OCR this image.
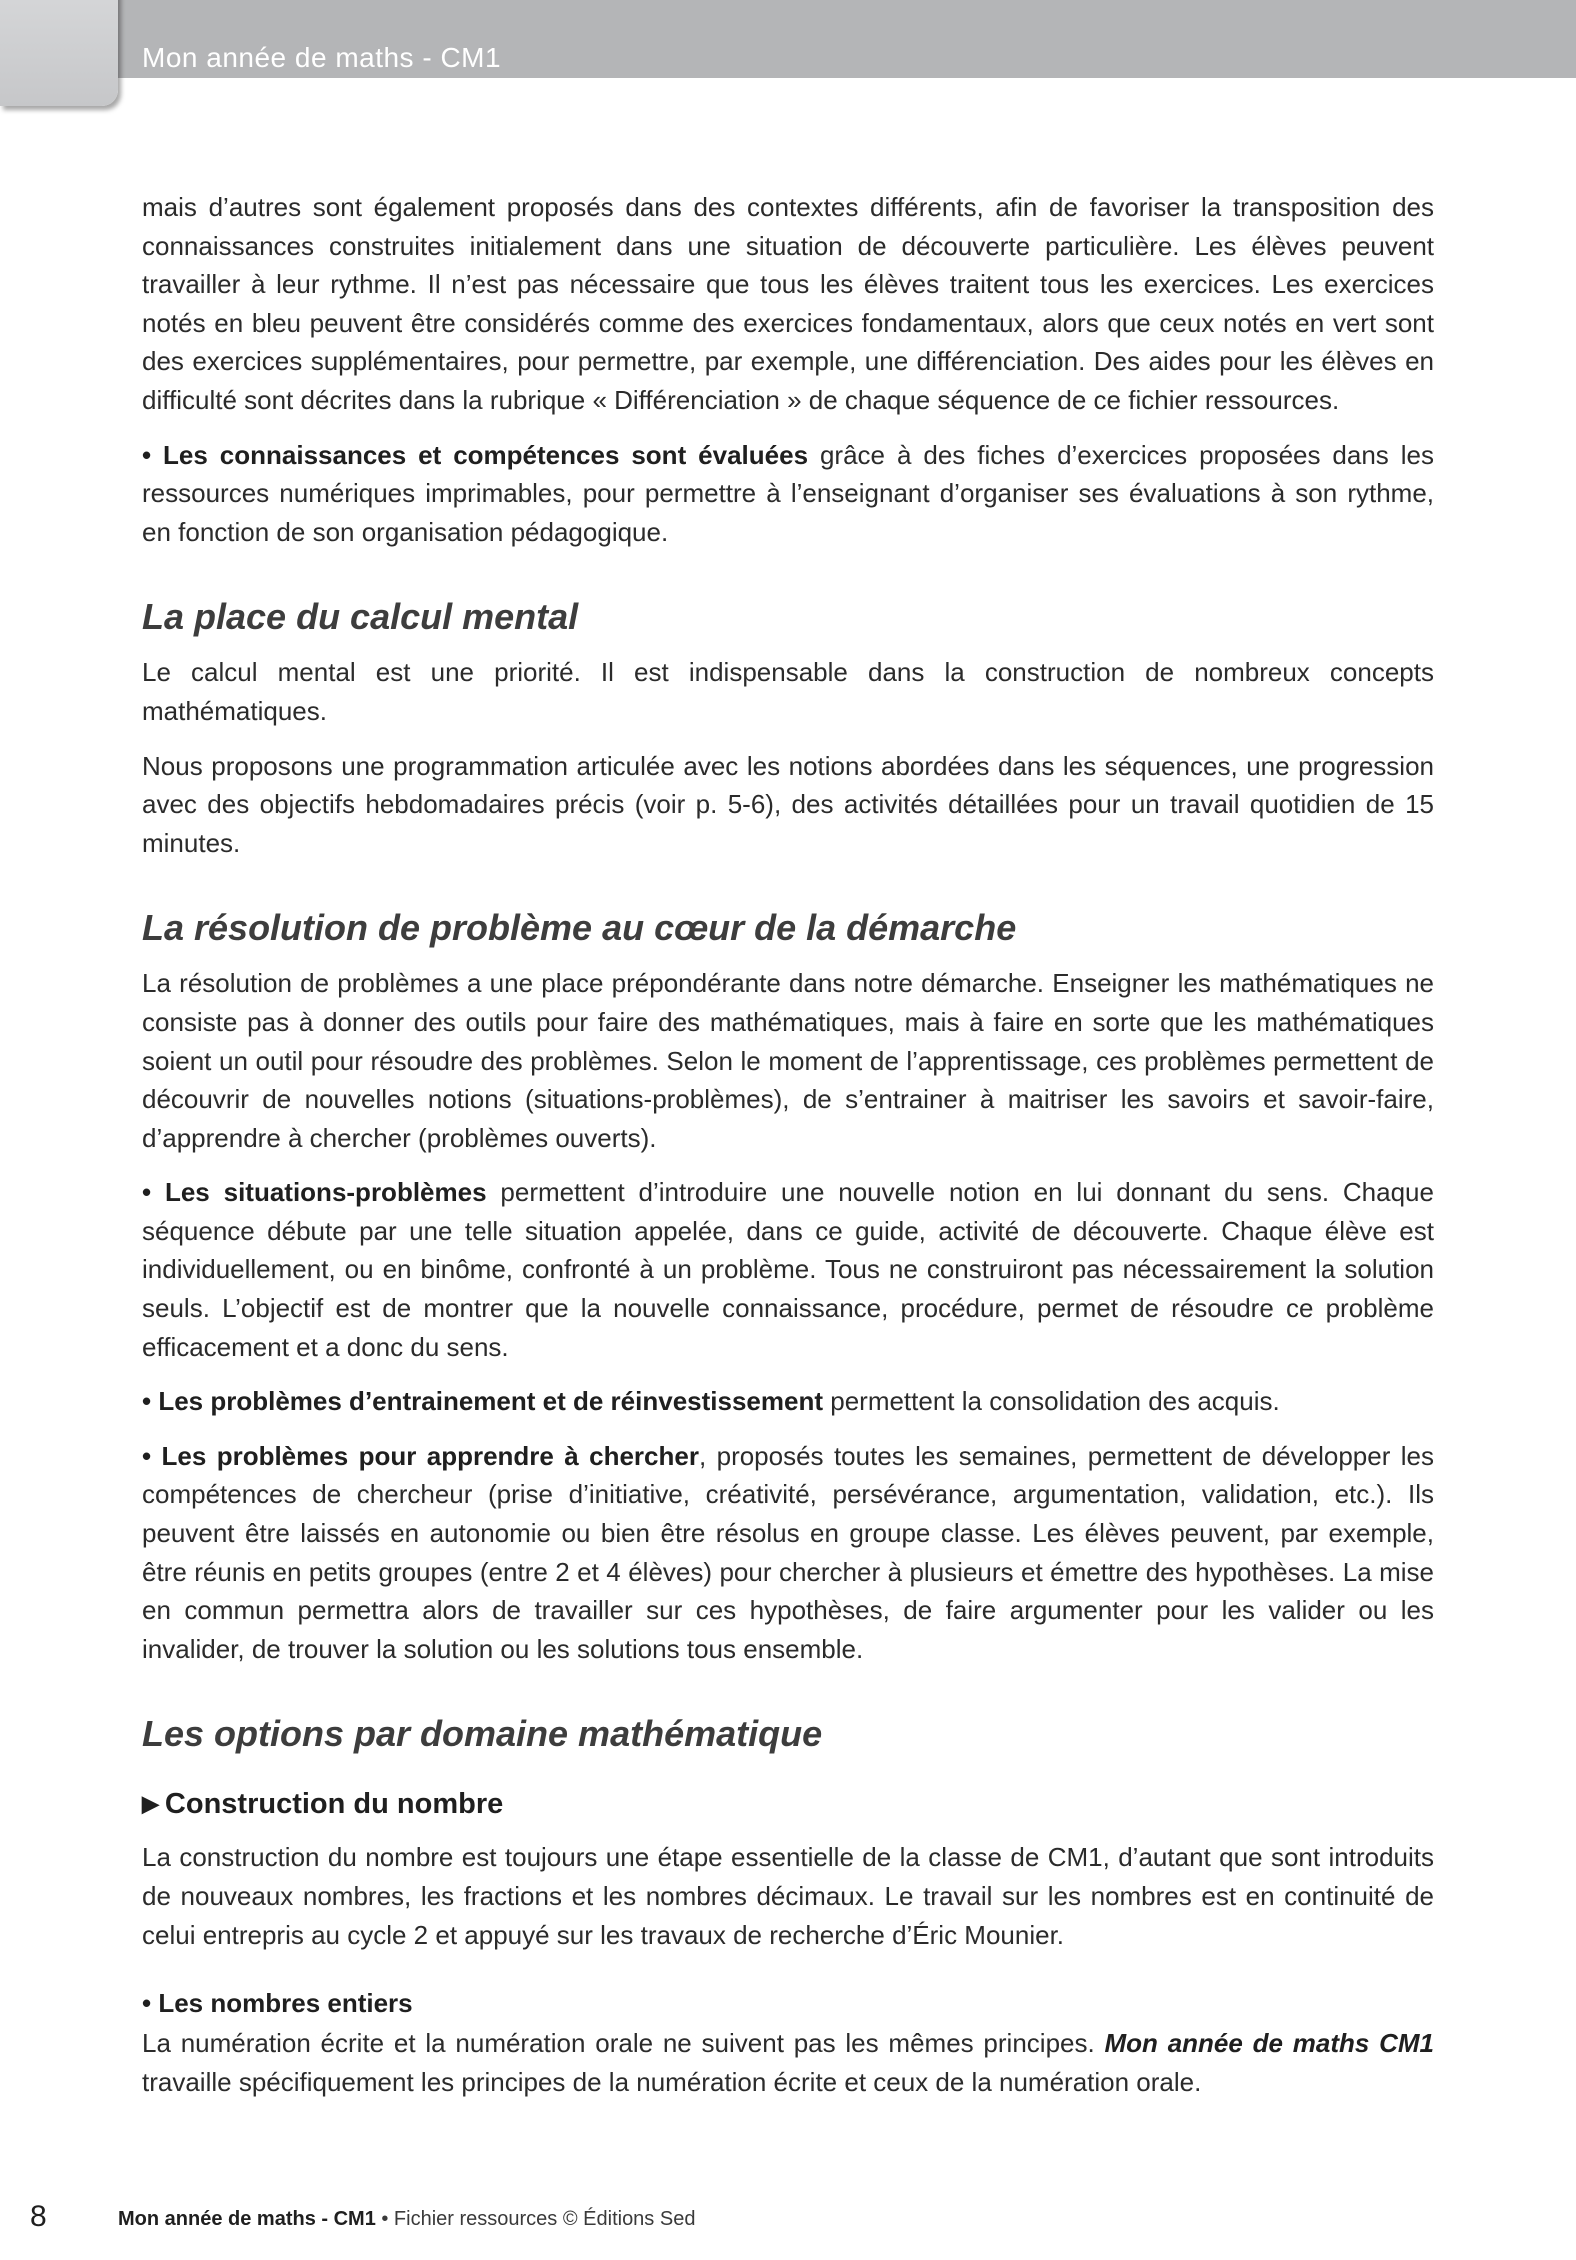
Mon année de maths - CM1

mais d’autres sont également proposés dans des contextes différents, afin de favoriser la transposition des connaissances construites initialement dans une situation de découverte particulière. Les élèves peuvent travailler à leur rythme. Il n’est pas nécessaire que tous les élèves traitent tous les exercices. Les exercices notés en bleu peuvent être considérés comme des exercices fondamentaux, alors que ceux notés en vert sont des exercices supplémentaires, pour permettre, par exemple, une différenciation. Des aides pour les élèves en difficulté sont décrites dans la rubrique « Différenciation » de chaque séquence de ce fichier ressources.

• Les connaissances et compétences sont évaluées grâce à des fiches d’exercices proposées dans les ressources numériques imprimables, pour permettre à l’enseignant d’organiser ses évaluations à son rythme, en fonction de son organisation pédagogique.

La place du calcul mental

Le calcul mental est une priorité. Il est indispensable dans la construction de nombreux concepts mathématiques.

Nous proposons une programmation articulée avec les notions abordées dans les séquences, une progression avec des objectifs hebdomadaires précis (voir p. 5-6), des activités détaillées pour un travail quotidien de 15 minutes.

La résolution de problème au cœur de la démarche

La résolution de problèmes a une place prépondérante dans notre démarche. Enseigner les mathématiques ne consiste pas à donner des outils pour faire des mathématiques, mais à faire en sorte que les mathématiques soient un outil pour résoudre des problèmes. Selon le moment de l’apprentissage, ces problèmes permettent de découvrir de nouvelles notions (situations-problèmes), de s’entrainer à maitriser les savoirs et savoir-faire, d’apprendre à chercher (problèmes ouverts).

• Les situations-problèmes permettent d’introduire une nouvelle notion en lui donnant du sens. Chaque séquence débute par une telle situation appelée, dans ce guide, activité de découverte. Chaque élève est individuellement, ou en binôme, confronté à un problème. Tous ne construiront pas nécessairement la solution seuls. L’objectif est de montrer que la nouvelle connaissance, procédure, permet de résoudre ce problème efficacement et a donc du sens.

• Les problèmes d’entrainement et de réinvestissement permettent la consolidation des acquis.

• Les problèmes pour apprendre à chercher, proposés toutes les semaines, permettent de développer les compétences de chercheur (prise d’initiative, créativité, persévérance, argumentation, validation, etc.). Ils peuvent être laissés en autonomie ou bien être résolus en groupe classe. Les élèves peuvent, par exemple, être réunis en petits groupes (entre 2 et 4 élèves) pour chercher à plusieurs et émettre des hypothèses. La mise en commun permettra alors de travailler sur ces hypothèses, de faire argumenter pour les valider ou les invalider, de trouver la solution ou les solutions tous ensemble.

Les options par domaine mathématique
▶ Construction du nombre

La construction du nombre est toujours une étape essentielle de la classe de CM1, d’autant que sont introduits de nouveaux nombres, les fractions et les nombres décimaux. Le travail sur les nombres est en continuité de celui entrepris au cycle 2 et appuyé sur les travaux de recherche d’Éric Mounier.

• Les nombres entiers

La numération écrite et la numération orale ne suivent pas les mêmes principes. Mon année de maths CM1 travaille spécifiquement les principes de la numération écrite et ceux de la numération orale.

8	Mon année de maths - CM1 • Fichier ressources © Éditions Sed
